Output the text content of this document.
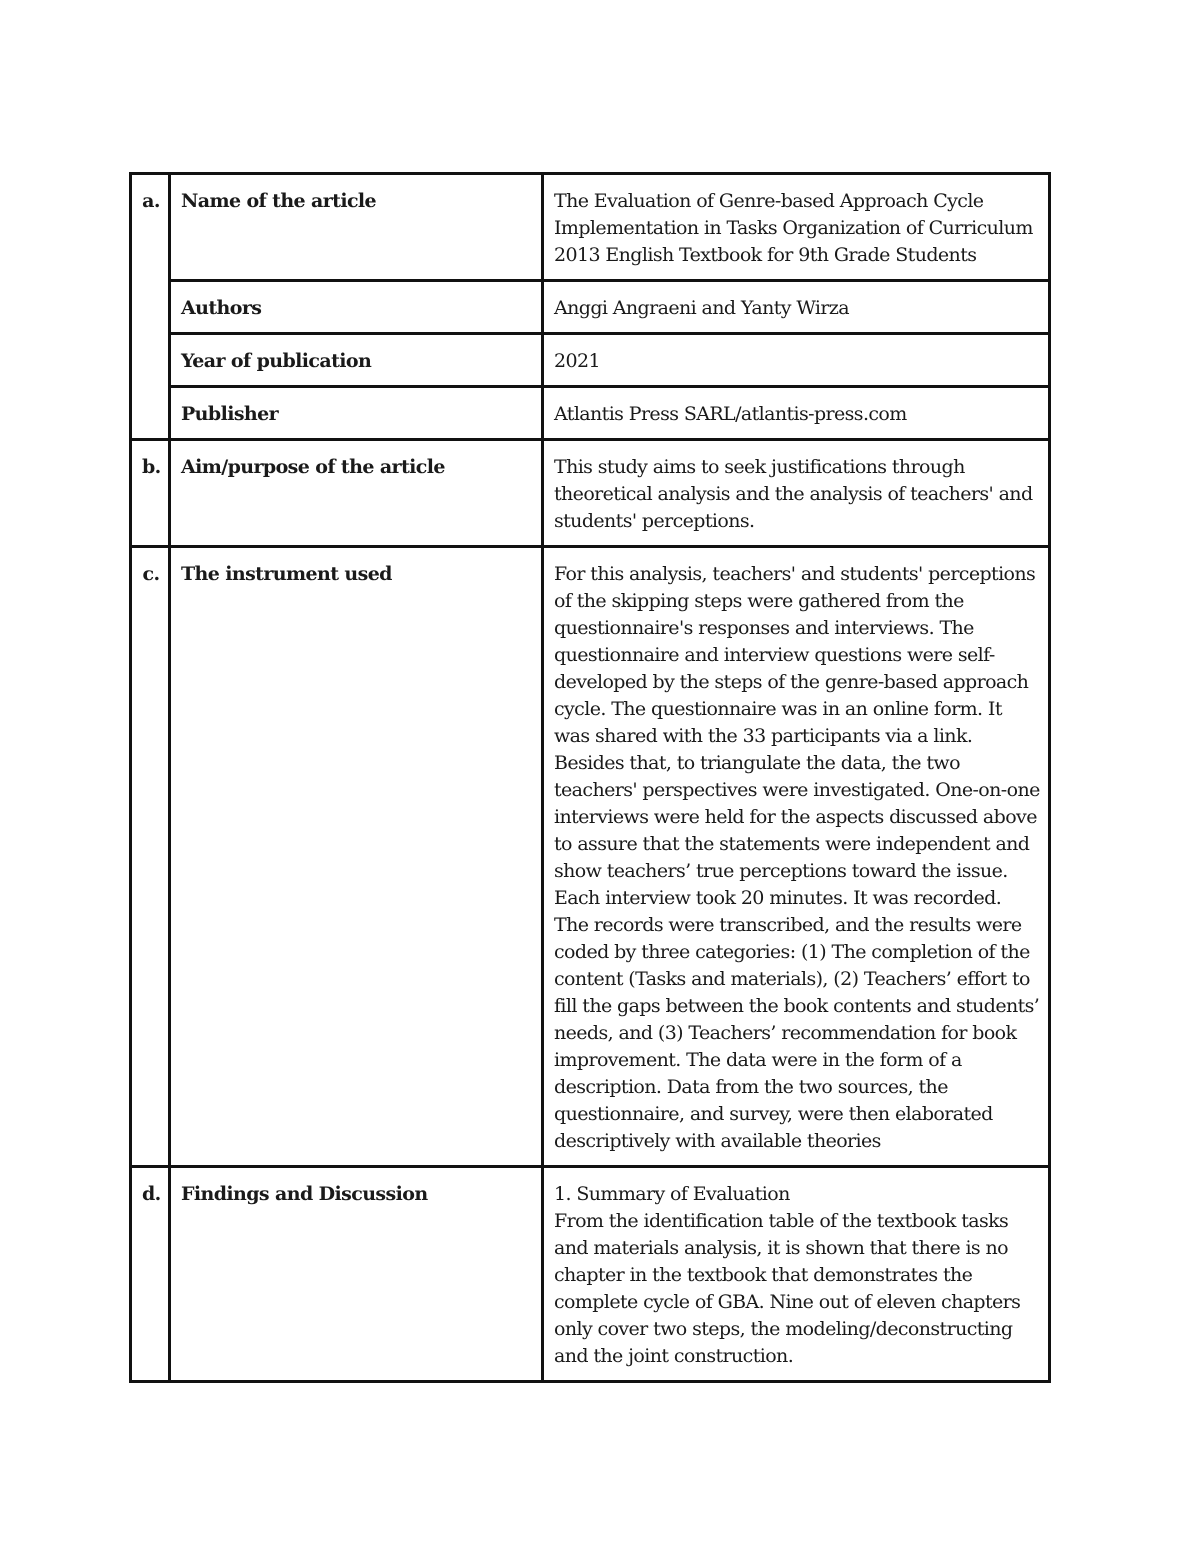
a.	Name of the article	The Evaluation of Genre-based Approach Cycle Implementation in Tasks Organization of Curriculum 2013 English Textbook for 9th Grade Students
	Authors	Anggi Angraeni and Yanty Wirza
	Year of publication	2021
	Publisher	Atlantis Press SARL/atlantis-press.com
b.	Aim/purpose of the article	This study aims to seek justifications through theoretical analysis and the analysis of teachers' and students' perceptions.
c.	The instrument used	For this analysis, teachers' and students' perceptions of the skipping steps were gathered from the questionnaire's responses and interviews. The questionnaire and interview questions were self-developed by the steps of the genre-based approach cycle. The questionnaire was in an online form. It was shared with the 33 participants via a link. Besides that, to triangulate the data, the two teachers' perspectives were investigated. One-on-one interviews were held for the aspects discussed above to assure that the statements were independent and show teachers’ true perceptions toward the issue. Each interview took 20 minutes. It was recorded. The records were transcribed, and the results were coded by three categories: (1) The completion of the content (Tasks and materials), (2) Teachers’ effort to fill the gaps between the book contents and students’ needs, and (3) Teachers’ recommendation for book improvement. The data were in the form of a description. Data from the two sources, the questionnaire, and survey, were then elaborated descriptively with available theories
d.	Findings and Discussion	1. Summary of Evaluation
From the identification table of the textbook tasks and materials analysis, it is shown that there is no chapter in the textbook that demonstrates the complete cycle of GBA. Nine out of eleven chapters only cover two steps, the modeling/deconstructing and the joint construction.
